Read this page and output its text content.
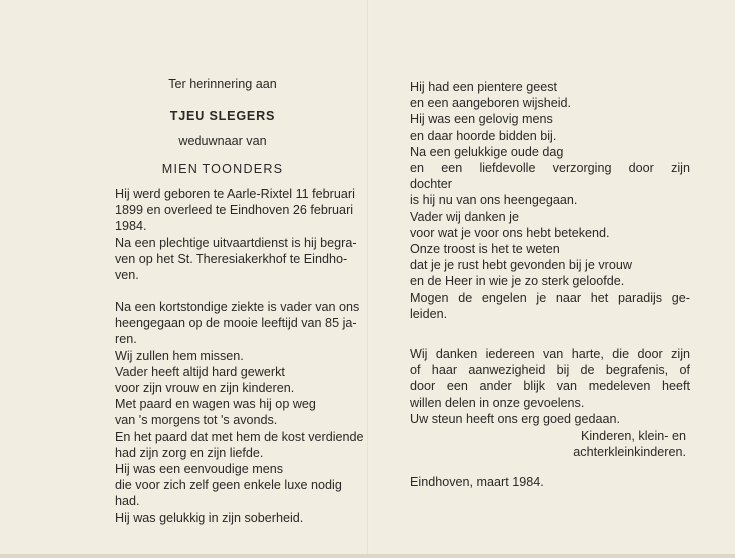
Ter herinnering aan
TJEU SLEGERS
weduwnaar van
MIEN TOONDERS
Hij werd geboren te Aarle-Rixtel 11 februari
1899 en overleed te Eindhoven 26 februari
1984.
Na een plechtige uitvaartdienst is hij begra-
ven op het St. Theresiakerkhof te Eindho-
ven.
Na een kortstondige ziekte is vader van ons
heengegaan op de mooie leeftijd van 85 ja-
ren.
Wij zullen hem missen.
Vader heeft altijd hard gewerkt
voor zijn vrouw en zijn kinderen.
Met paard en wagen was hij op weg
van 's morgens tot 's avonds.
En het paard dat met hem de kost verdiende
had zijn zorg en zijn liefde.
Hij was een eenvoudige mens
die voor zich zelf geen enkele luxe nodig
had.
Hij was gelukkig in zijn soberheid.
Hij had een pientere geest
en een aangeboren wijsheid.
Hij was een gelovig mens
en daar hoorde bidden bij.
Na een gelukkige oude dag
en een liefdevolle verzorging door zijn
dochter
is hij nu van ons heengegaan.
Vader wij danken je
voor wat je voor ons hebt betekend.
Onze troost is het te weten
dat je je rust hebt gevonden bij je vrouw
en de Heer in wie je zo sterk geloofde.
Mogen de engelen je naar het paradijs ge-
leiden.
Wij danken iedereen van harte, die door zijn
of haar aanwezigheid bij de begrafenis, of
door een ander blijk van medeleven heeft
willen delen in onze gevoelens.
Uw steun heeft ons erg goed gedaan.
Kinderen, klein- en
achterkleinkinderen.
Eindhoven, maart 1984.
